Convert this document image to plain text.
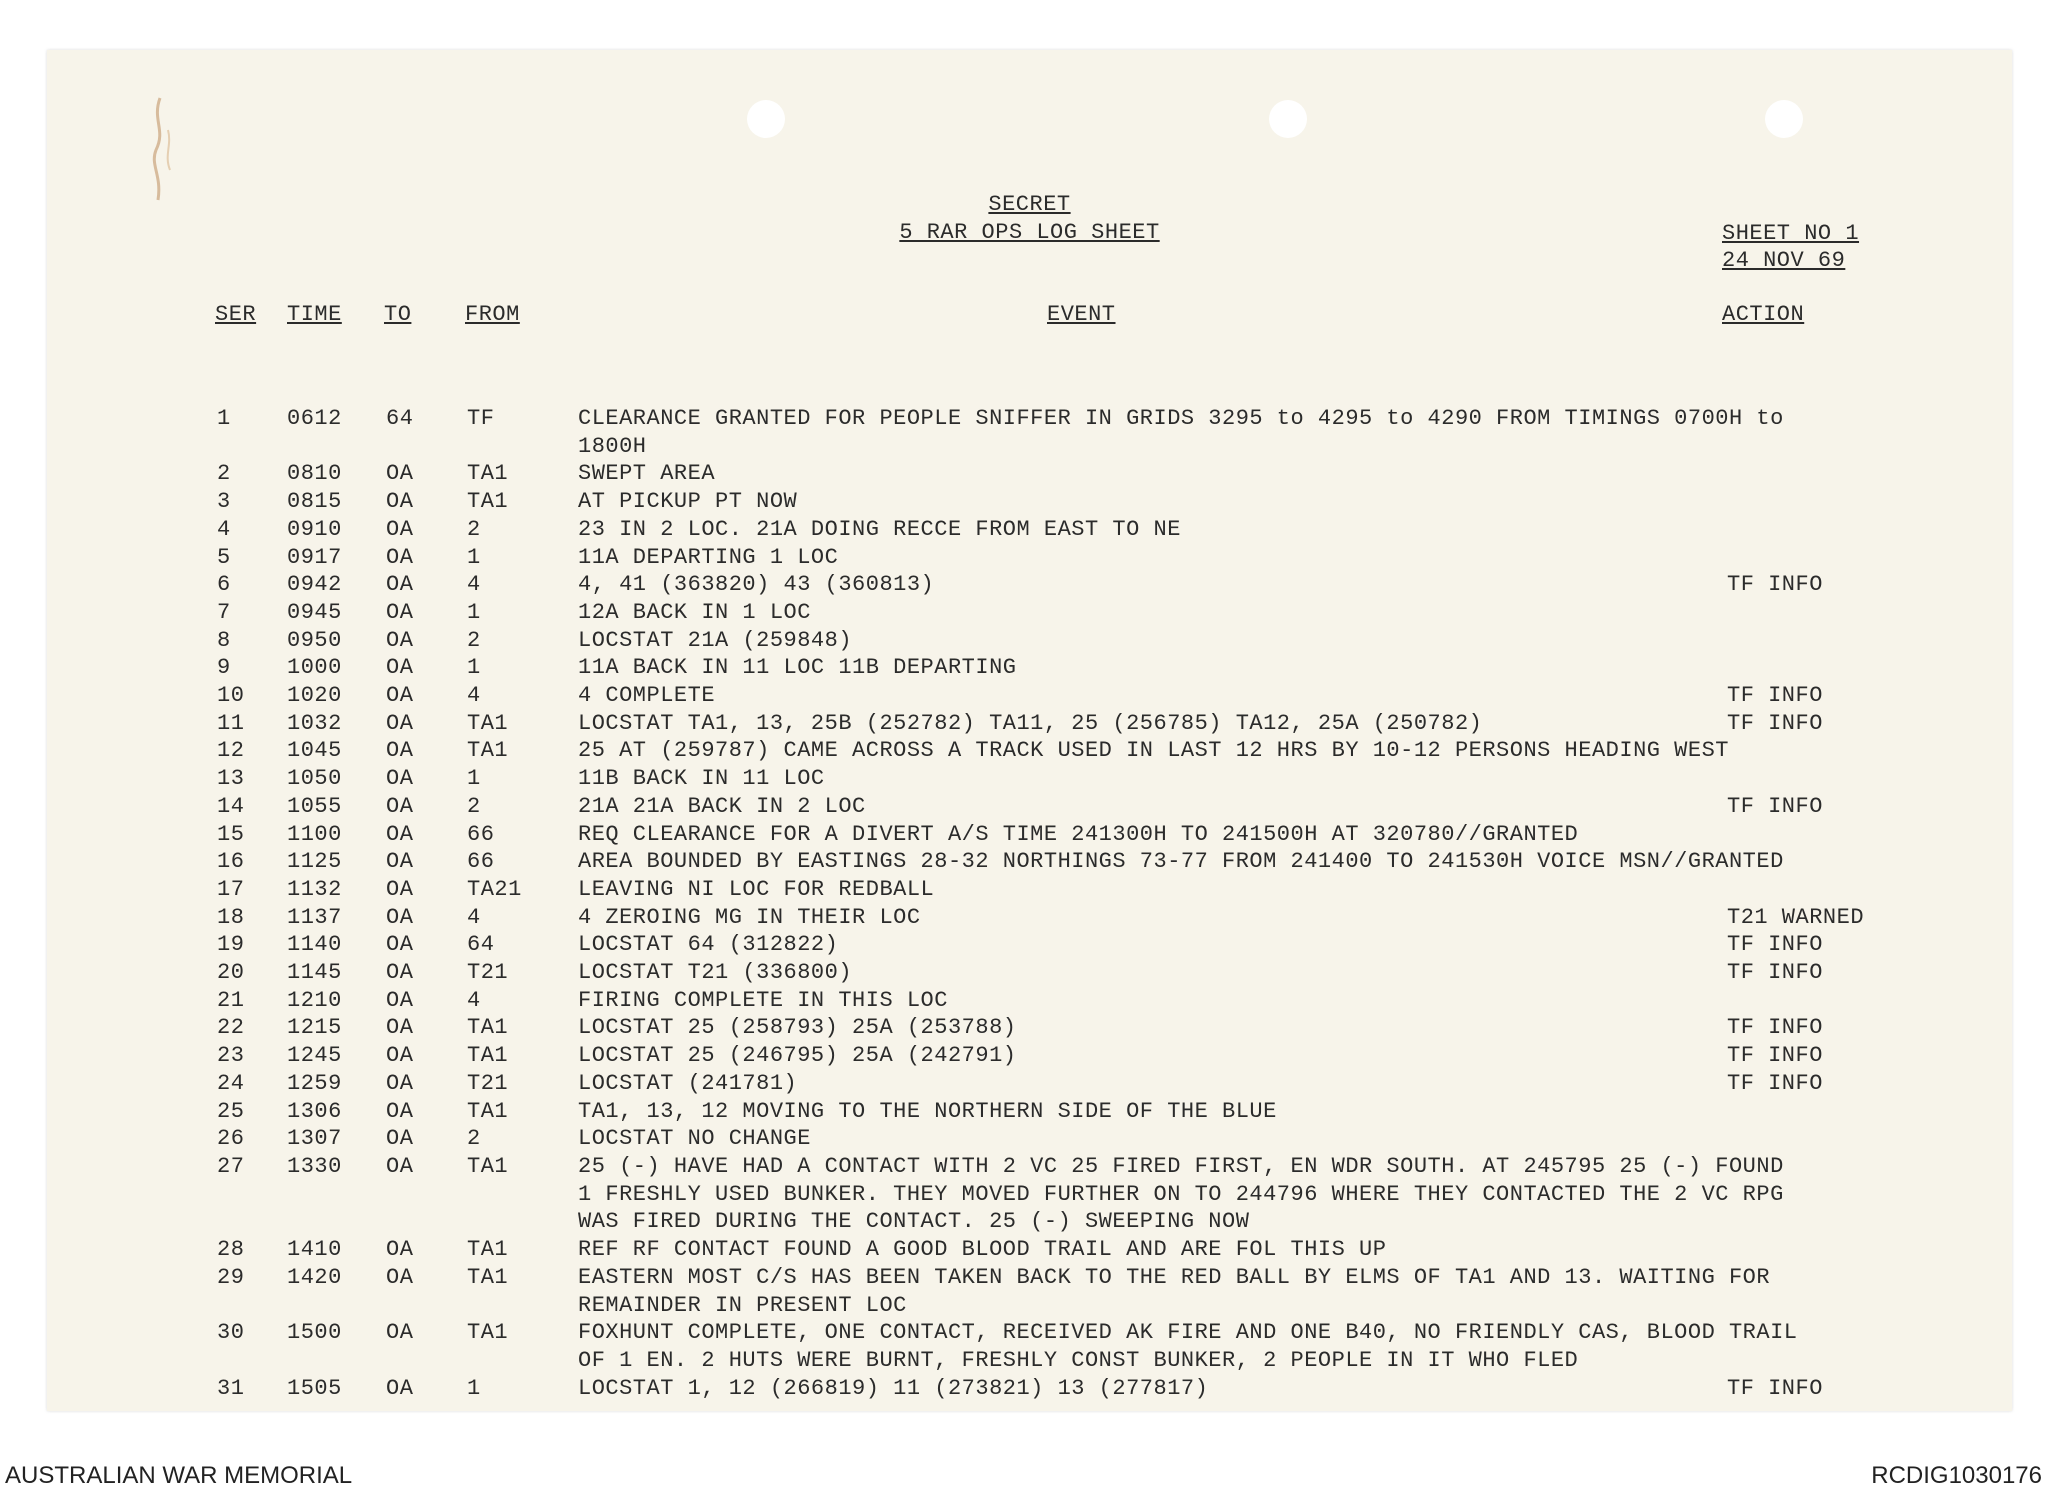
SECRET
5 RAR OPS LOG SHEET	SHEET NO 1
24 NOV 69
SER TIME TO FROM	EVENT	ACTION
1	0612 64 TF	CLEARANCE GRANTED FOR PEOPLE SNIFFER IN GRIDS 3295 to 4295 to 4290 FROM TIMINGS 0700H to 1800H
2	0810 OA TA1	SWEPT AREA
3	0815 OA TA1	AT PICKUP PT NOW
4	0910 OA 2	23 IN 2 LOC. 21A DOING RECCE FROM EAST TO NE
5	0917 OA 1	11A DEPARTING 1 LOC
6	0942 OA 4	4, 41 (363820) 43 (360813)	TF INFO
7	0945 OA 1	12A BACK IN 1 LOC
8	0950 OA 2	LOCSTAT 21A (259848)
9	1000 OA 1	11A BACK IN 11 LOC 11B DEPARTING
10	1020 OA 4	4 COMPLETE	TF INFO
11	1032 OA TA1	LOCSTAT TA1, 13, 25B (252782) TA11, 25 (256785) TA12, 25A (250782)	TF INFO
12	1045 OA TA1	25 AT (259787) CAME ACROSS A TRACK USED IN LAST 12 HRS BY 10-12 PERSONS HEADING WEST
13	1050 OA 1	11B BACK IN 11 LOC
14	1055 OA 2	21A 21A BACK IN 2 LOC	TF INFO
15	1100 OA 66	REQ CLEARANCE FOR A DIVERT A/S TIME 241300H TO 241500H AT 320780//GRANTED
16	1125 OA 66	AREA BOUNDED BY EASTINGS 28-32 NORTHINGS 73-77 FROM 241400 TO 241530H VOICE MSN//GRANTED
17	1132 OA TA21	LEAVING NI LOC FOR REDBALL
18	1137 OA 4	4 ZEROING MG IN THEIR LOC	T21 WARNED
19	1140 OA 64	LOCSTAT 64 (312822)	TF INFO
20	1145 OA T21	LOCSTAT T21 (336800)	TF INFO
21	1210 OA 4	FIRING COMPLETE IN THIS LOC
22	1215 OA TA1	LOCSTAT 25 (258793) 25A (253788)	TF INFO
23	1245 OA TA1	LOCSTAT 25 (246795) 25A (242791)	TF INFO
24	1259 OA T21	LOCSTAT (241781)	TF INFO
25	1306 OA TA1	TA1, 13, 12 MOVING TO THE NORTHERN SIDE OF THE BLUE
26	1307 OA 2	LOCSTAT NO CHANGE
27	1330 OA TA1	25 (-) HAVE HAD A CONTACT WITH 2 VC 25 FIRED FIRST, EN WDR SOUTH. AT 245795 25 (-) FOUND 1 FRESHLY USED BUNKER. THEY MOVED FURTHER ON TO 244796 WHERE THEY CONTACTED THE 2 VC RPG WAS FIRED DURING THE CONTACT. 25 (-) SWEEPING NOW
28	1410 OA TA1	REF RF CONTACT FOUND A GOOD BLOOD TRAIL AND ARE FOL THIS UP
29	1420 OA TA1	EASTERN MOST C/S HAS BEEN TAKEN BACK TO THE RED BALL BY ELMS OF TA1 AND 13. WAITING FOR REMAINDER IN PRESENT LOC
30	1500 OA TA1	FOXHUNT COMPLETE, ONE CONTACT, RECEIVED AK FIRE AND ONE B40, NO FRIENDLY CAS, BLOOD TRAIL OF 1 EN. 2 HUTS WERE BURNT, FRESHLY CONST BUNKER, 2 PEOPLE IN IT WHO FLED
31	1505 OA 1	LOCSTAT 1, 12 (266819) 11 (273821) 13 (277817)	TF INFO
AUSTRALIAN WAR MEMORIAL	RCDIG1030176
